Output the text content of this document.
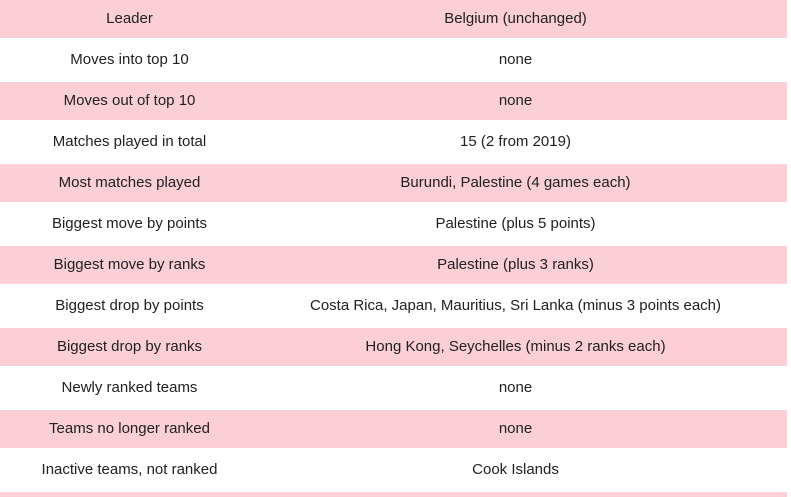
Leader	Belgium (unchanged)
Moves into top 10	none
Moves out of top 10	none
Matches played in total	15 (2 from 2019)
Most matches played	Burundi, Palestine (4 games each)
Biggest move by points	Palestine (plus 5 points)
Biggest move by ranks	Palestine (plus 3 ranks)
Biggest drop by points	Costa Rica, Japan, Mauritius, Sri Lanka (minus 3 points each)
Biggest drop by ranks	Hong Kong, Seychelles (minus 2 ranks each)
Newly ranked teams	none
Teams no longer ranked	none
Inactive teams, not ranked	Cook Islands
